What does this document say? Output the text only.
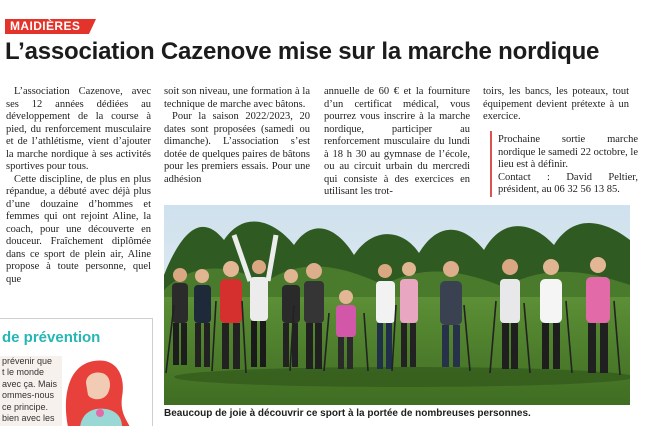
MAIDIÈRES
L’association Cazenove mise sur la marche nordique

L’association Cazenove, avec ses 12 années dédiées au développement de la course à pied, du renforcement musculaire et de l’athlétisme, vient d’ajouter la marche nordique à ses activités sportives pour tous.

Cette discipline, de plus en plus répandue, a débuté avec déjà plus d’une douzaine d’hommes et femmes qui ont rejoint Aline, la coach, pour une découverte en douceur. Fraîchement diplômée dans ce sport de plein air, Aline propose à toute personne, quel que

soit son niveau, une formation à la technique de marche avec bâtons.

Pour la saison 2022/2023, 20 dates sont proposées (samedi ou dimanche). L’association s’est dotée de quelques paires de bâtons pour les premiers essais. Pour une adhésion

annuelle de 60 € et la fourniture d’un certificat médical, vous pourrez vous inscrire à la marche nordique, participer au renforcement musculaire du lundi à 18 h 30 au gymnase de l’école, ou au circuit urbain du mercredi qui consiste à des exercices en utilisant les trot-

toirs, les bancs, les poteaux, tout équipement devient prétexte à un exercice.

Prochaine sortie marche nordique le samedi 22 octobre, le lieu est à définir.

Contact : David Peltier, président, au 06 32 56 13 85.

Beaucoup de joie à découvrir ce sport à la portée de nombreuses personnes.
de prévention
prévenir que
t le monde
avec ça. Mais
ommes-nous
ce principe.
bien avec les
